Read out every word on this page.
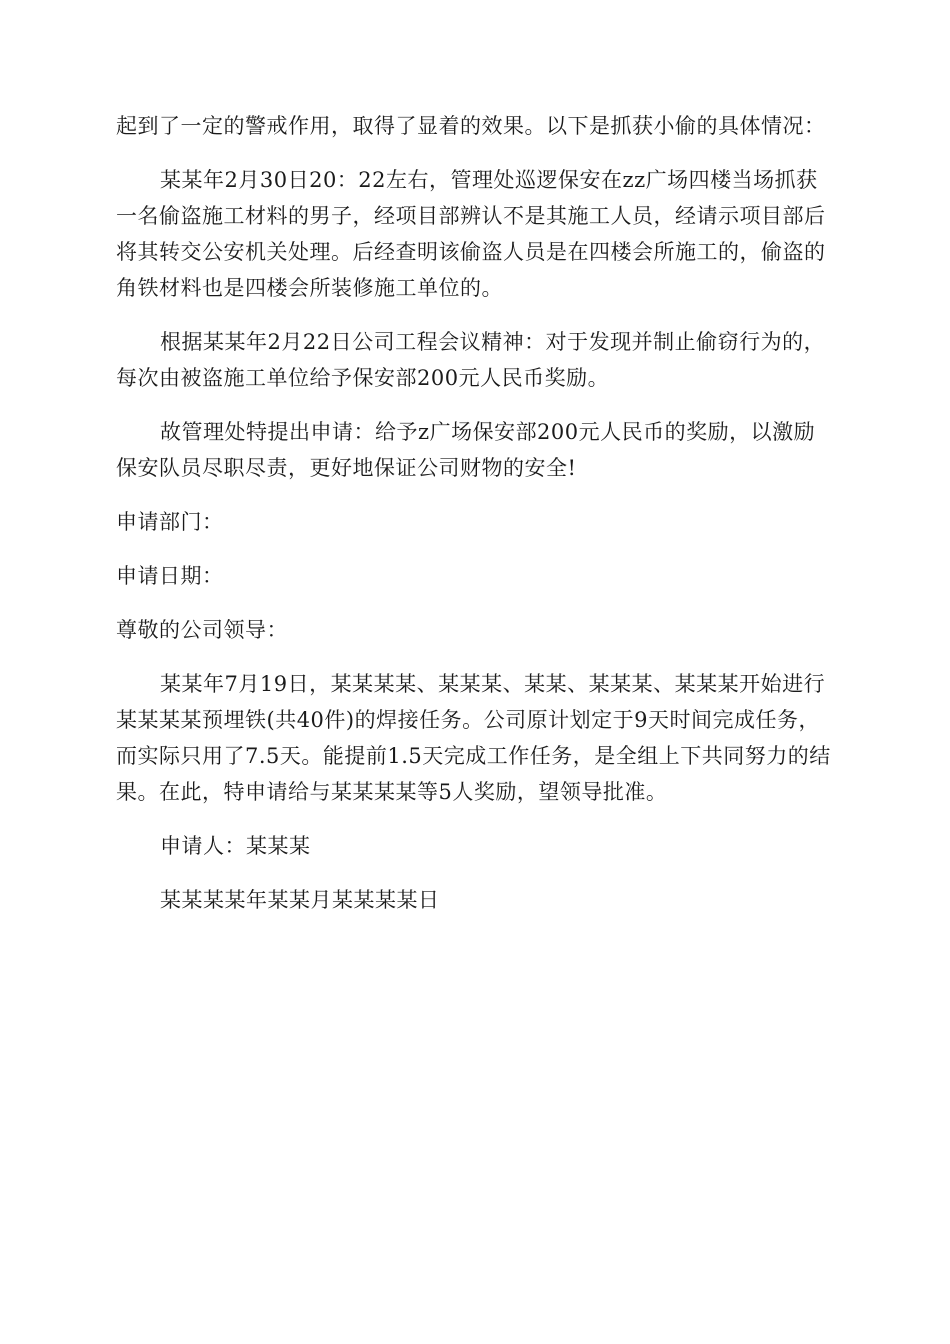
起到了一定的警戒作用，取得了显着的效果。以下是抓获小偷的具体情况：

某某年2月30日20：22左右，管理处巡逻保安在zz广场四楼当场抓获一名偷盗施工材料的男子，经项目部辨认不是其施工人员，经请示项目部后将其转交公安机关处理。后经查明该偷盗人员是在四楼会所施工的，偷盗的角铁材料也是四楼会所装修施工单位的。

根据某某年2月22日公司工程会议精神：对于发现并制止偷窃行为的，每次由被盗施工单位给予保安部200元人民币奖励。

故管理处特提出申请：给予z广场保安部200元人民币的奖励，以激励保安队员尽职尽责，更好地保证公司财物的安全!

申请部门：

申请日期：

尊敬的公司领导：

某某年7月19日，某某某某、某某某、某某、某某某、某某某开始进行某某某某预埋铁(共40件)的焊接任务。公司原计划定于9天时间完成任务，而实际只用了7.5天。能提前1.5天完成工作任务，是全组上下共同努力的结果。在此，特申请给与某某某某等5人奖励，望领导批准。

申请人：某某某

某某某某年某某月某某某某日
